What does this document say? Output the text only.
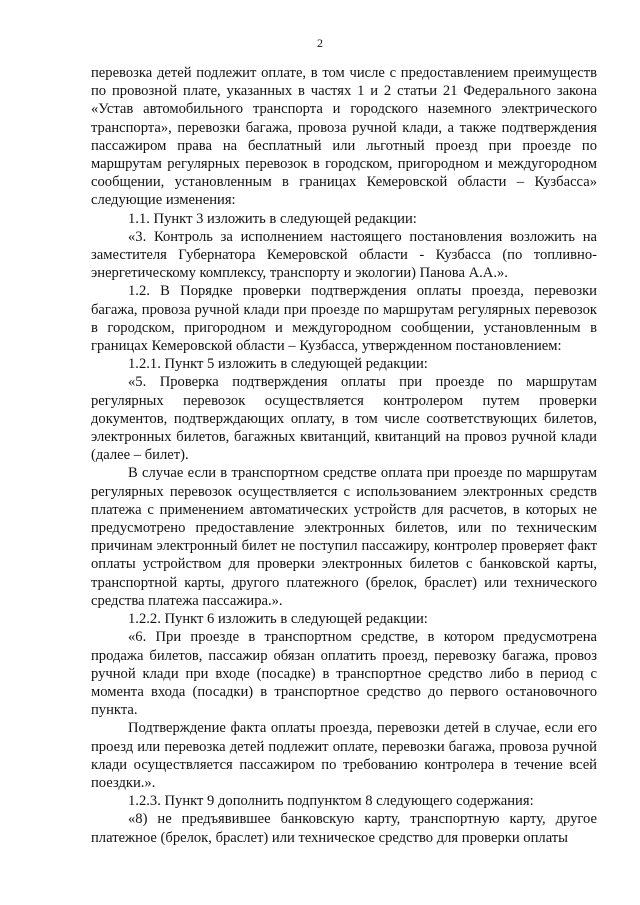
2

перевозка детей подлежит оплате, в том числе с предоставлением преимуществ по провозной плате, указанных в частях 1 и 2 статьи 21 Федерального закона «Устав автомобильного транспорта и городского наземного электрического транспорта», перевозки багажа, провоза ручной клади, а также подтверждения пассажиром права на бесплатный или льготный проезд при проезде по маршрутам регулярных перевозок в городском, пригородном и междугородном сообщении, установленным в границах Кемеровской области – Кузбасса» следующие изменения:

1.1. Пункт 3 изложить в следующей редакции:

«3. Контроль за исполнением настоящего постановления возложить на заместителя Губернатора Кемеровской области - Кузбасса (по топливно-энергетическому комплексу, транспорту и экологии) Панова А.А.».

1.2. В Порядке проверки подтверждения оплаты проезда, перевозки багажа, провоза ручной клади при проезде по маршрутам регулярных перевозок в городском, пригородном и междугородном сообщении, установленным в границах Кемеровской области – Кузбасса, утвержденном постановлением:

1.2.1. Пункт 5 изложить в следующей редакции:

«5. Проверка подтверждения оплаты при проезде по маршрутам регулярных перевозок осуществляется контролером путем проверки документов, подтверждающих оплату, в том числе соответствующих билетов, электронных билетов, багажных квитанций, квитанций на провоз ручной клади (далее – билет).

В случае если в транспортном средстве оплата при проезде по маршрутам регулярных перевозок осуществляется с использованием электронных средств платежа с применением автоматических устройств для расчетов, в которых не предусмотрено предоставление электронных билетов, или по техническим причинам электронный билет не поступил пассажиру, контролер проверяет факт оплаты устройством для проверки электронных билетов с банковской карты, транспортной карты, другого платежного (брелок, браслет) или технического средства платежа пассажира.».

1.2.2. Пункт 6 изложить в следующей редакции:

«6. При проезде в транспортном средстве, в котором предусмотрена продажа билетов, пассажир обязан оплатить проезд, перевозку багажа, провоз ручной клади при входе (посадке) в транспортное средство либо в период с момента входа (посадки) в транспортное средство до первого остановочного пункта.

Подтверждение факта оплаты проезда, перевозки детей в случае, если его проезд или перевозка детей подлежит оплате, перевозки багажа, провоза ручной клади осуществляется пассажиром по требованию контролера в течение всей поездки.».

1.2.3. Пункт 9 дополнить подпунктом 8 следующего содержания:

«8) не предъявившее банковскую карту, транспортную карту, другое платежное (брелок, браслет) или техническое средство для проверки оплаты
